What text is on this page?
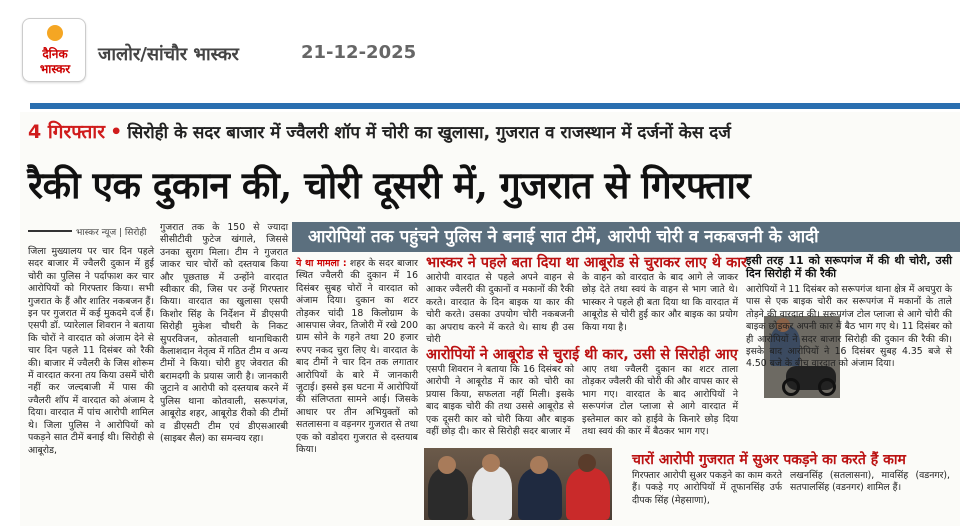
दैनिक
भास्कर
जालोर/सांचौर भास्कर	21-12-2025
4 गिरफ्तार • सिरोही के सदर बाजार में ज्वैलरी शॉप में चोरी का खुलासा, गुजरात व राजस्थान में दर्जनों केस दर्ज
रैकी एक दुकान की, चोरी दूसरी में, गुजरात से गिरफ्तार
भास्कर न्यूज | सिरोही
जिला मुख्यालय पर चार दिन पहले सदर बाजार में ज्वैलरी दुकान में हुई चोरी का पुलिस ने पर्दाफाश कर चार आरोपियों को गिरफ्तार किया। सभी गुजरात के हैं और शातिर नकबजन हैं। इन पर गुजरात में कई मुकदमे दर्ज हैं। एसपी डॉ. प्यारेलाल शिवरान ने बताया कि चोरों ने वारदात को अंजाम देने से चार दिन पहले 11 दिसंबर को रैकी की। बाजार में ज्वैलरी के जिस शोरूम में वारदात करना तय किया उसमें चोरी नहीं कर जल्दबाजी में पास की ज्वैलरी शॉप में वारदात को अंजाम दे दिया। वारदात में पांच आरोपी शामिल थे। जिला पुलिस ने आरोपियों को पकड़ने सात टीमें बनाई थी। सिरोही से आबूरोड,
गुजरात तक के 150 से ज्यादा सीसीटीवी फुटेज खंगाले, जिससे उनका सुराग मिला। टीम ने गुजरात जाकर चार चोरों को दस्तयाब किया और पूछताछ में उन्होंने वारदात स्वीकार की, जिस पर उन्हें गिरफ्तार किया। वारदात का खुलासा एसपी किशोर सिंह के निर्देशन में डीएसपी सिरोही मुकेश चौधरी के निकट सुपरविजन, कोतवाली थानाधिकारी कैलाशदान नेतृत्व में गठित टीम व अन्य टीमों ने किया। चोरी हुए जेवरात की बरामदगी के प्रयास जारी है। जानकारी जुटाने व आरोपी को दस्तयाब करने में पुलिस थाना कोतवाली, सरूपगंज, आबूरोड शहर, आबूरोड रीको की टीमों व डीएसटी टीम एवं डीएसआरबी (साइबर सैल) का समन्वय रहा।
आरोपियों तक पहुंचने पुलिस ने बनाई सात टीमें, आरोपी चोरी व नकबजनी के आदी
ये था मामला : शहर के सदर बाजार स्थित ज्वैलरी की दुकान में 16 दिसंबर सुबह चोरों ने वारदात को अंजाम दिया। दुकान का शटर तोड़कर चांदी 18 किलोग्राम के आसपास जेवर, तिजोरी में रखे 200 ग्राम सोने के गहने तथा 20 हजार रुपए नकद चुरा लिए थे। वारदात के बाद टीमों ने चार दिन तक लगातार आरोपियों के बारे में जानकारी जुटाई। इससे इस घटना में आरोपियों की संलिप्तता सामने आई। जिसके आधार पर तीन अभियुक्तों को सतलासना व वड़नगर गुजरात से तथा एक को वडोदरा गुजरात से दस्तयाब किया।
भास्कर ने पहले बता दिया था आबूरोड से चुराकर लाए थे कार
आरोपी वारदात से पहले अपने वाहन से आकर ज्वैलरी की दुकानों व मकानों की रैकी करते। वारदात के दिन बाइक या कार की चोरी करते। उसका उपयोग चोरी नकबजनी का अपराध करने में करते थे। साथ ही उस चोरी
के वाहन को वारदात के बाद आगे ले जाकर छोड़ देते तथा स्वयं के वाहन से भाग जाते थे। भास्कर ने पहले ही बता दिया था कि वारदात में आबूरोड से चोरी हुई कार और बाइक का प्रयोग किया गया है।
आरोपियों ने आबूरोड से चुराई थी कार, उसी से सिरोही आए
एसपी शिवरान ने बताया कि 16 दिसंबर को आरोपी ने आबूरोड में कार को चोरी का प्रयास किया, सफलता नहीं मिली। इसके बाद बाइक चोरी की तथा उससे आबूरोड से एक दूसरी कार को चोरी किया और बाइक वहीं छोड़ दी। कार से सिरोही सदर बाजार में
आए तथा ज्वैलरी दुकान का शटर ताला तोड़कर ज्वैलरी की चोरी की और वापस कार से भाग गए। वारदात के बाद आरोपियों ने सरूपगंज टोल प्लाजा से आगे वारदात में इस्तेमाल कार को हाईवे के किनारे छोड़ दिया तथा स्वयं की कार में बैठकर भाग गए।
इसी तरह 11 को सरूपगंज में की थी चोरी, उसी दिन सिरोही में की रैकी
आरोपियों ने 11 दिसंबर को सरूपगंज थाना क्षेत्र में अचपुरा के पास से एक बाइक चोरी कर सरूपगंज में मकानों के ताले तोड़ने की वारदात की। सरूपगंज टोल प्लाजा से आगे चोरी की बाइक छोड़कर अपनी कार में बैठ भाग गए थे। 11 दिसंबर को ही आरोपियों ने सदर बाजार सिरोही की दुकान की रैकी की। इसके बाद आरोपियों ने 16 दिसंबर सुबह 4.35 बजे से 4.50 बजे के बीच वारदात को अंजाम दिया।
चारों आरोपी गुजरात में सुअर पकड़ने का करते हैं काम
गिरफ्तार आरोपी सुअर पकड़ने का काम करते हैं। पकड़े गए आरोपियों में तूफानसिंह उर्फ दीपक सिंह (मेहसाणा),
लखनसिंह (सतलासना), मावसिंह (वडनगर), सतपालसिंह (वडनगर) शामिल हैं।
